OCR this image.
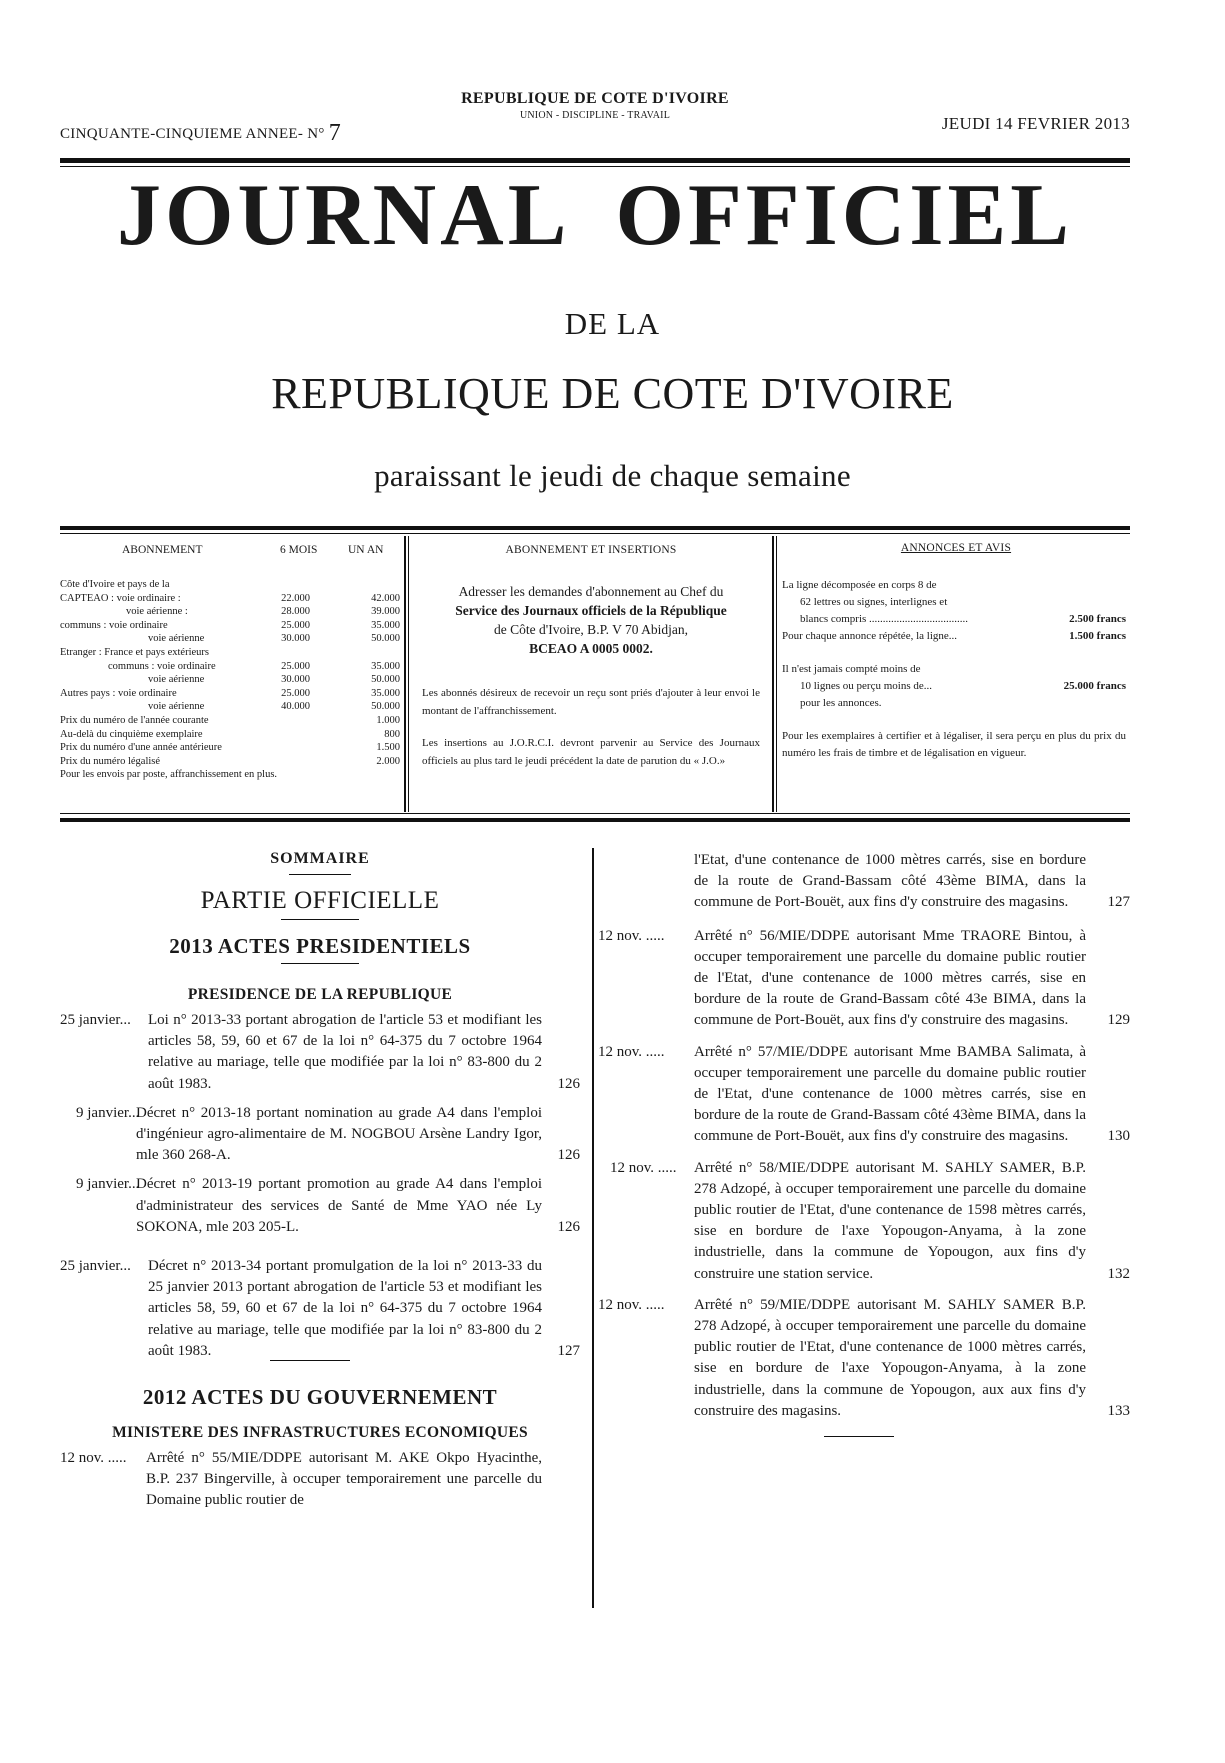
CINQUANTE-CINQUIEME ANNEE- N° 7
REPUBLIQUE DE COTE D'IVOIRE
UNION - DISCIPLINE - TRAVAIL	JEUDI 14 FEVRIER 2013
JOURNAL OFFICIEL
DE LA
REPUBLIQUE DE COTE D'IVOIRE
paraissant le jeudi de chaque semaine
ABONNEMENT	6 MOIS	UN AN
Côte d'Ivoire et pays de la
CAPTEAO : voie ordinaire :	22.000	42.000
voie aérienne :	28.000	39.000
communs : voie ordinaire	25.000	35.000
voie aérienne	30.000	50.000
Etranger : France et pays extérieurs
communs : voie ordinaire	25.000	35.000
voie aérienne	30.000	50.000
Autres pays : voie ordinaire	25.000	35.000
voie aérienne	40.000	50.000
Prix du numéro de l'année courante	1.000
Au-delà du cinquième exemplaire	800
Prix du numéro d'une année antérieure	1.500
Prix du numéro légalisé	2.000
Pour les envois par poste, affranchissement en plus.
ABONNEMENT ET INSERTIONS
Adresser les demandes d'abonnement au Chef du
Service des Journaux officiels de la République
de Côte d'Ivoire, B.P. V 70 Abidjan,
BCEAO A 0005 0002.
Les abonnés désireux de recevoir un reçu sont priés d'ajouter à leur envoi le montant de l'affranchissement.
Les insertions au J.O.R.C.I. devront parvenir au Service des Journaux officiels au plus tard le jeudi précédent la date de parution du « J.O.»
ANNONCES ET AVIS
La ligne décomposée en corps 8 de
62 lettres ou signes, interlignes et
blancs compris ....................................	2.500 francs
Pour chaque annonce répétée, la ligne...	1.500 francs
Il n'est jamais compté moins de
10 lignes ou perçu moins de...	25.000 francs
pour les annonces.
Pour les exemplaires à certifier et à légaliser, il sera perçu en plus du prix du numéro les frais de timbre et de légalisation en vigueur.
SOMMAIRE
PARTIE OFFICIELLE
2013 ACTES PRESIDENTIELS
PRESIDENCE DE LA REPUBLIQUE
25 janvier... Loi n° 2013-33 portant abrogation de l'article 53 et modifiant les articles 58, 59, 60 et 67 de la loi n° 64-375 du 7 octobre 1964 relative au mariage, telle que modifiée par la loi n° 83-800 du 2 août 1983.	126
9 janvier...
Décret n° 2013-18 portant nomination au grade A4 dans l'emploi d'ingénieur agro-alimentaire de M. NOGBOU Arsène Landry Igor, mle 360 268-A.	126
9 janvier...
Décret n° 2013-19 portant promotion au grade A4 dans l'emploi d'administrateur des services de Santé de Mme YAO née Ly SOKONA, mle 203 205-L.	126
25 janvier... Décret n° 2013-34 portant promulgation de la loi n° 2013-33 du 25 janvier 2013 portant abrogation de l'article 53 et modifiant les articles 58, 59, 60 et 67 de la loi n° 64-375 du 7 octobre 1964 relative au mariage, telle que modifiée par la loi n° 83-800 du 2 août 1983.	127
2012 ACTES DU GOUVERNEMENT
MINISTERE DES INFRASTRUCTURES ECONOMIQUES
12 nov. ..... Arrêté n° 55/MIE/DDPE autorisant M. AKE Okpo Hyacinthe, B.P. 237 Bingerville, à occuper temporairement une parcelle du Domaine public routier de
l'Etat, d'une contenance de 1000 mètres carrés, sise en bordure de la route de Grand-Bassam côté 43ème BIMA, dans la commune de Port-Bouët, aux fins d'y construire des magasins.	127
12 nov. ..... Arrêté n° 56/MIE/DDPE autorisant Mme TRAORE Bintou, à occuper temporairement une parcelle du domaine public routier de l'Etat, d'une contenance de 1000 mètres carrés, sise en bordure de la route de Grand-Bassam côté 43e BIMA, dans la commune de Port-Bouët, aux fins d'y construire des magasins.	129
12 nov. ..... Arrêté n° 57/MIE/DDPE autorisant Mme BAMBA Salimata, à occuper temporairement une parcelle du domaine public routier de l'Etat, d'une contenance de 1000 mètres carrés, sise en bordure de la route de Grand-Bassam côté 43ème BIMA, dans la commune de Port-Bouët, aux fins d'y construire des magasins.	130
12 nov. ..... Arrêté n° 58/MIE/DDPE autorisant M. SAHLY SAMER, B.P. 278 Adzopé, à occuper temporairement une parcelle du domaine public routier de l'Etat, d'une contenance de 1598 mètres carrés, sise en bordure de l'axe Yopougon-Anyama, à la zone industrielle, dans la commune de Yopougon, aux fins d'y construire une station service.	132
12 nov. ..... Arrêté n° 59/MIE/DDPE autorisant M. SAHLY SAMER B.P. 278 Adzopé, à occuper temporairement une parcelle du domaine public routier de l'Etat, d'une contenance de 1000 mètres carrés, sise en bordure de l'axe Yopougon-Anyama, à la zone industrielle, dans la commune de Yopougon, aux aux fins d'y construire des magasins.	133
